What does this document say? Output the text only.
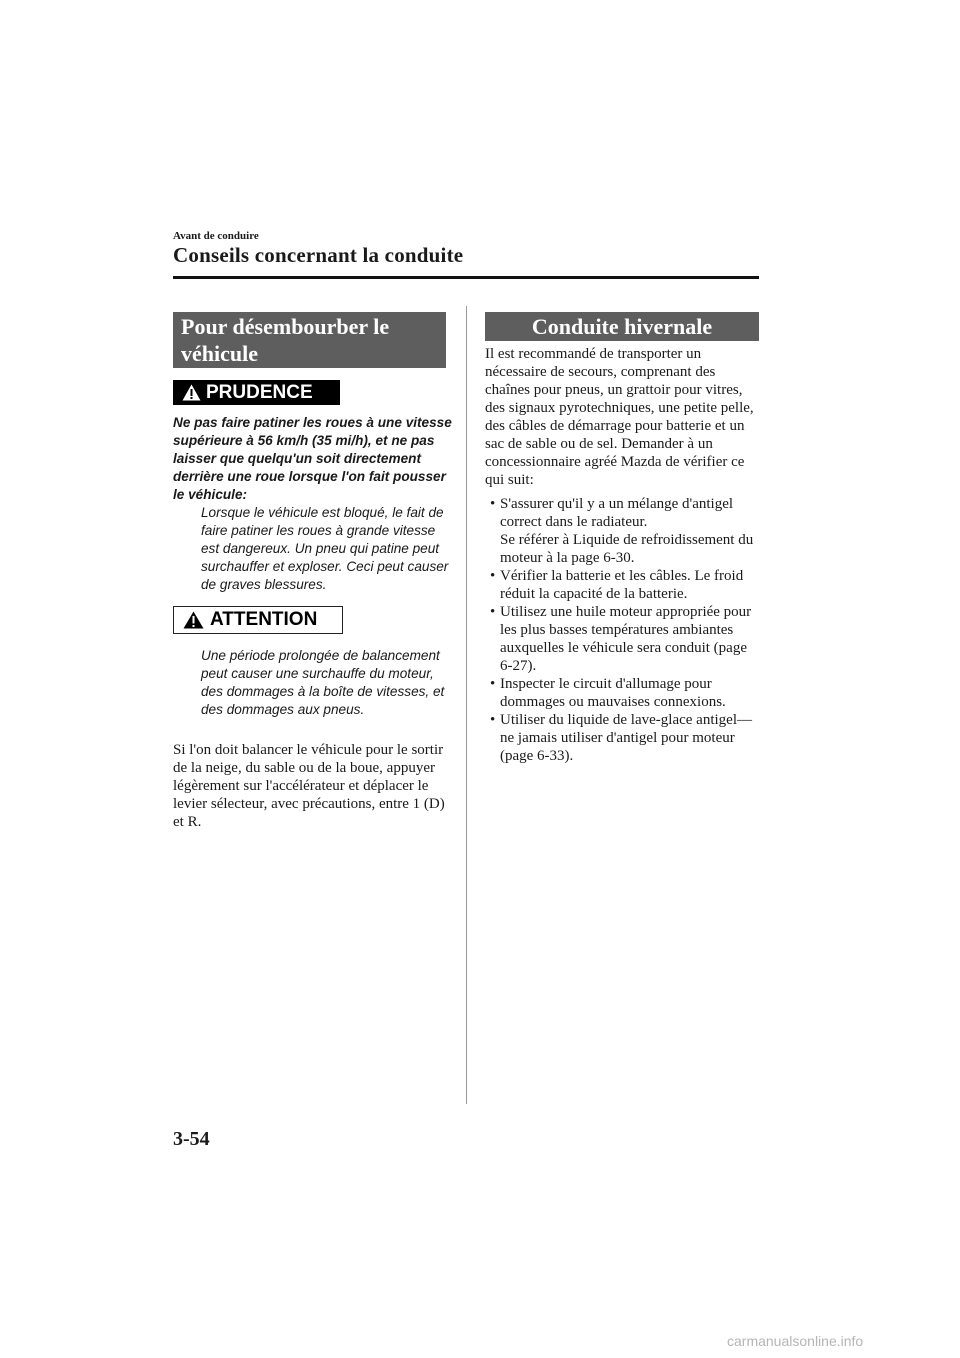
Avant de conduire
Conseils concernant la conduite
Pour désembourber le
véhicule
PRUDENCE
Ne pas faire patiner les roues à une vitesse supérieure à 56 km/h (35 mi/h), et ne pas laisser que quelqu'un soit directement derrière une roue lorsque l'on fait pousser le véhicule:
Lorsque le véhicule est bloqué, le fait de faire patiner les roues à grande vitesse est dangereux. Un pneu qui patine peut surchauffer et exploser. Ceci peut causer de graves blessures.
ATTENTION
Une période prolongée de balancement peut causer une surchauffe du moteur, des dommages à la boîte de vitesses, et des dommages aux pneus.
Si l'on doit balancer le véhicule pour le sortir de la neige, du sable ou de la boue, appuyer légèrement sur l'accélérateur et déplacer le levier sélecteur, avec précautions, entre 1 (D) et R.
Conduite hivernale
Il est recommandé de transporter un nécessaire de secours, comprenant des chaînes pour pneus, un grattoir pour vitres, des signaux pyrotechniques, une petite pelle, des câbles de démarrage pour batterie et un sac de sable ou de sel. Demander à un concessionnaire agréé Mazda de vérifier ce qui suit:
• S'assurer qu'il y a un mélange d'antigel correct dans le radiateur.
Se référer à Liquide de refroidissement du moteur à la page 6-30.
• Vérifier la batterie et les câbles. Le froid réduit la capacité de la batterie.
• Utilisez une huile moteur appropriée pour les plus basses températures ambiantes auxquelles le véhicule sera conduit (page 6-27).
• Inspecter le circuit d'allumage pour dommages ou mauvaises connexions.
• Utiliser du liquide de lave-glace antigel—ne jamais utiliser d'antigel pour moteur (page 6-33).
3-54
carmanualsonline.info
